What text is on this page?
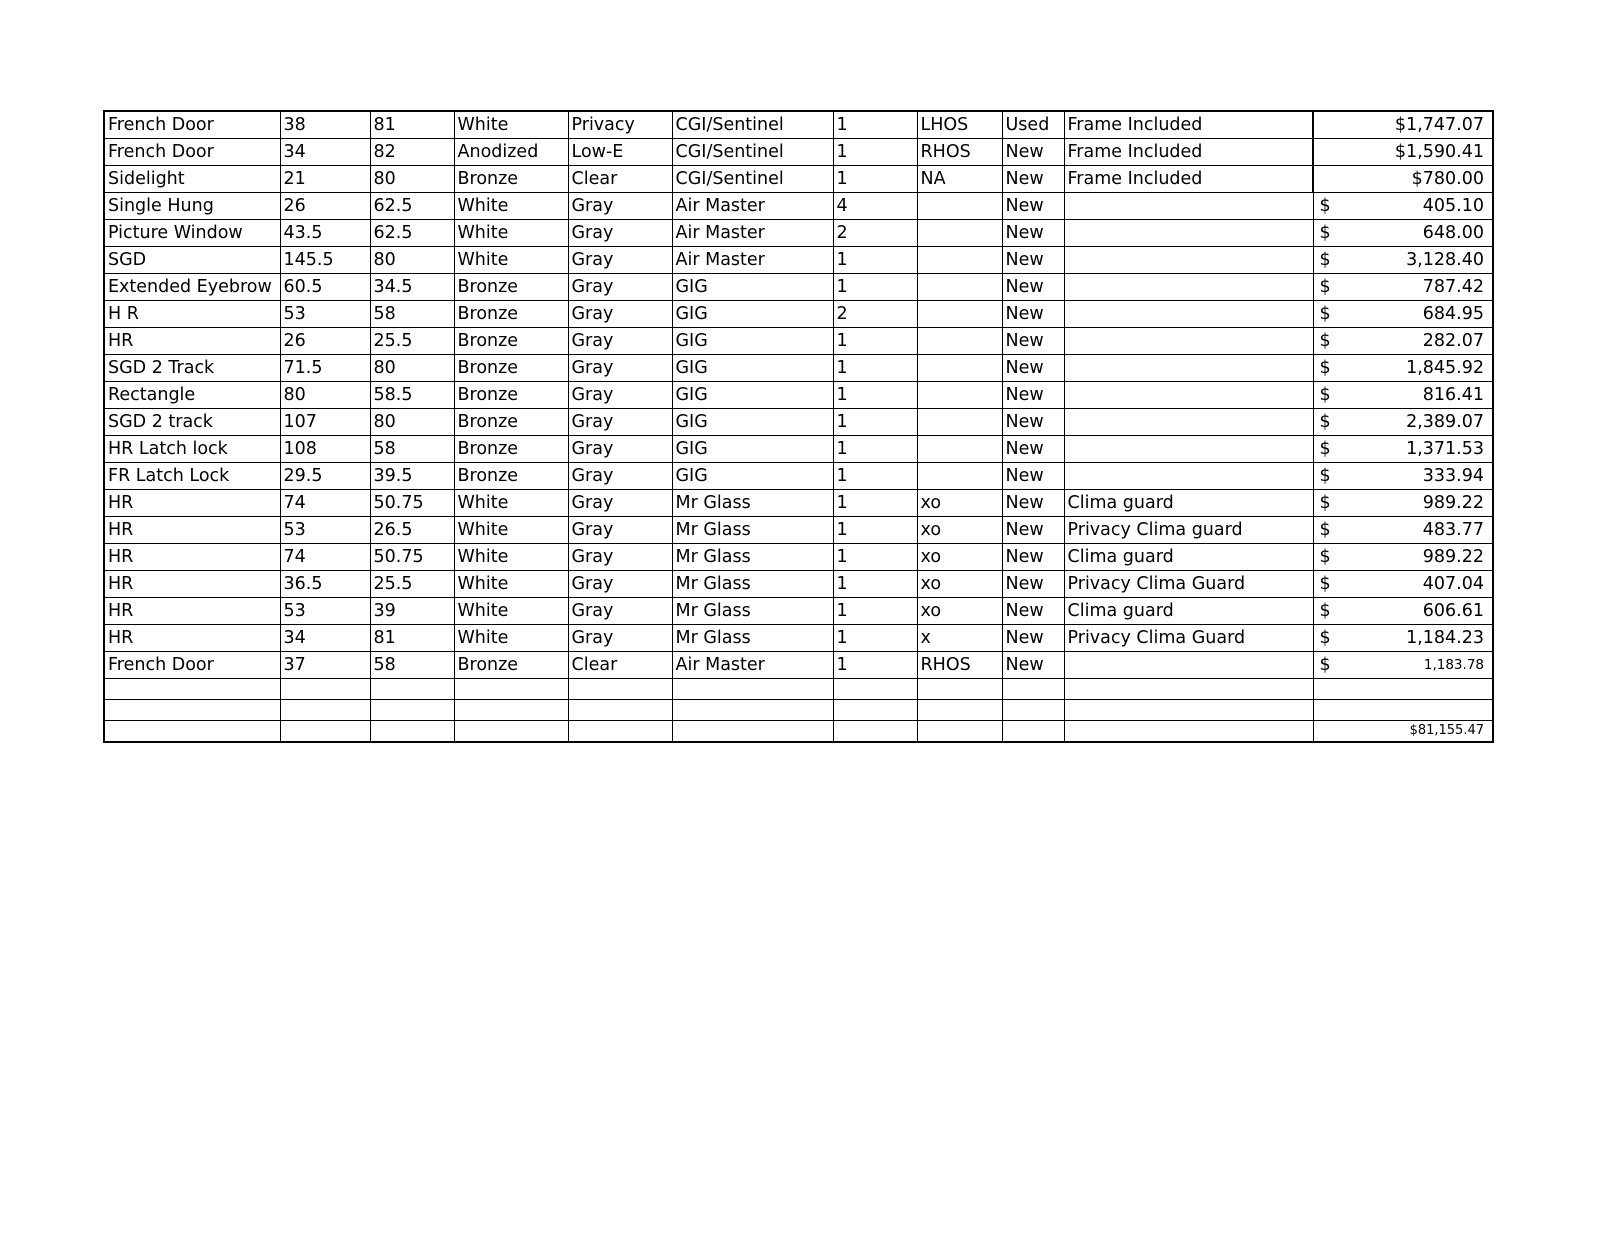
French Door	38	81	White	Privacy	CGI/Sentinel	1	LHOS	Used	Frame Included	$1,747.07

French Door	34	82	Anodized	Low-E	CGI/Sentinel	1	RHOS	New	Frame Included	$1,590.41

Sidelight	21	80	Bronze	Clear	CGI/Sentinel	1	NA	New	Frame Included	$780.00

Single Hung	26	62.5	White	Gray	Air Master	4		New		$ 405.10

Picture Window	43.5	62.5	White	Gray	Air Master	2		New		$ 648.00

SGD	145.5	80	White	Gray	Air Master	1		New		$ 3,128.40

Extended Eyebrow	60.5	34.5	Bronze	Gray	GIG	1		New		$ 787.42

H R	53	58	Bronze	Gray	GIG	2		New		$ 684.95

HR	26	25.5	Bronze	Gray	GIG	1		New		$ 282.07

SGD 2 Track	71.5	80	Bronze	Gray	GIG	1		New		$ 1,845.92

Rectangle	80	58.5	Bronze	Gray	GIG	1		New		$ 816.41

SGD 2 track	107	80	Bronze	Gray	GIG	1		New		$ 2,389.07

HR Latch lock	108	58	Bronze	Gray	GIG	1		New		$ 1,371.53

FR Latch Lock	29.5	39.5	Bronze	Gray	GIG	1		New		$ 333.94

HR	74	50.75	White	Gray	Mr Glass	1	xo	New	Clima guard	$ 989.22

HR	53	26.5	White	Gray	Mr Glass	1	xo	New	Privacy Clima guard	$ 483.77

HR	74	50.75	White	Gray	Mr Glass	1	xo	New	Clima guard	$ 989.22

HR	36.5	25.5	White	Gray	Mr Glass	1	xo	New	Privacy Clima Guard	$ 407.04

HR	53	39	White	Gray	Mr Glass	1	xo	New	Clima guard	$ 606.61

HR	34	81	White	Gray	Mr Glass	1	x	New	Privacy Clima Guard	$ 1,184.23

French Door	37	58	Bronze	Clear	Air Master	1	RHOS	New		$ 1,183.78

										$81,155.47
